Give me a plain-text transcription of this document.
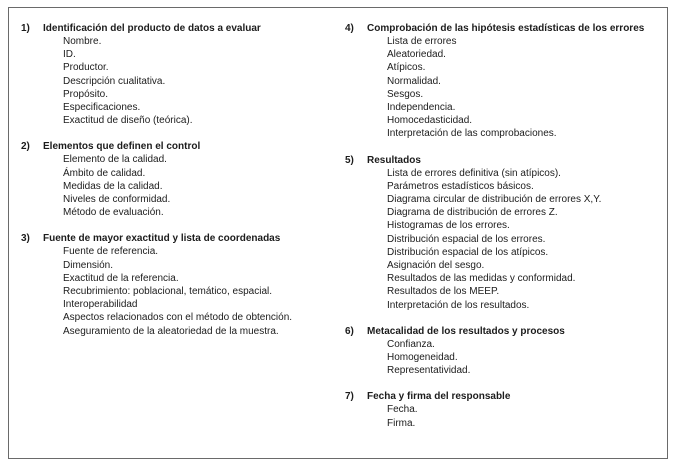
1)	Identificación del producto de datos a evaluar
Nombre.
ID.
Productor.
Descripción cualitativa.
Propósito.
Especificaciones.
Exactitud de diseño (teórica).
2)	Elementos que definen el control
Elemento de la calidad.
Ámbito de calidad.
Medidas de la calidad.
Niveles de conformidad.
Método de evaluación.
3)	Fuente de mayor exactitud y lista de coordenadas
Fuente de referencia.
Dimensión.
Exactitud de la referencia.
Recubrimiento: poblacional, temático, espacial.
Interoperabilidad
Aspectos relacionados con el método de obtención.
Aseguramiento de la aleatoriedad de la muestra.
4)	Comprobación de las hipótesis estadísticas de los errores
Lista de errores
Aleatoriedad.
Atípicos.
Normalidad.
Sesgos.
Independencia.
Homocedasticidad.
Interpretación de las comprobaciones.
5)	Resultados
Lista de errores definitiva (sin atípicos).
Parámetros estadísticos básicos.
Diagrama circular de distribución de errores X,Y.
Diagrama de distribución de errores Z.
Histogramas de los errores.
Distribución espacial de los errores.
Distribución espacial de los atípicos.
Asignación del sesgo.
Resultados de las medidas y conformidad.
Resultados de los MEEP.
Interpretación de los resultados.
6)	Metacalidad de los resultados y procesos
Confianza.
Homogeneidad.
Representatividad.
7)	Fecha y firma del responsable
Fecha.
Firma.
